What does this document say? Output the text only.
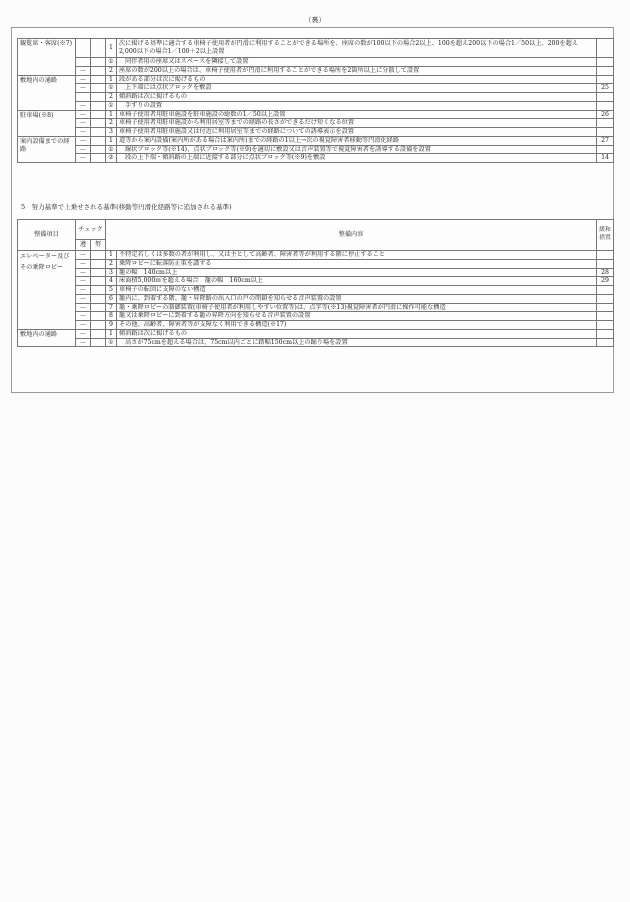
（裏）
観覧席・客席(※7)			1	次に掲げる基準に適合する車椅子使用者が円滑に利用することができる場所を、座席の数が100以下の場合2以上、100を超え200以下の場合1／50以上、200を超え2,000以下の場合1／100＋2以上設置	
			①	同伴者用の座席又はスペースを隣接して設置	
	—		2	座席の数が200以上の場合は、車椅子使用者が円滑に利用することができる場所を2箇所以上に分散して設置	
敷地内の通路	—		1	段がある部分は次に掲げるもの	
	—		①	上下端には点状ブロックを敷設	25
			2	傾斜路は次に掲げるもの	
	—		①	手すりの設置	
駐車場(※8)	—		1	車椅子使用者用駐車施設を駐車施設の総数の1／50以上設置	26
	—		2	車椅子使用者用駐車施設から利用居室等までの経路の長さができるだけ短くなる位置	
	—		3	車椅子使用者用駐車施設又は付近に利用居室等までの経路についての誘導表示を設置	
案内設備までの経路	—		1	道等から案内設備(案内所がある場合は案内所)までの経路の1以上→次の視覚障害者移動等円滑化経路	27
	—		①	線状ブロック等(※14)、点状ブロック等(※9)を適切に敷設又は音声装置等で視覚障害者を誘導する設備を設置	
	—		②	段の上下端・傾斜路の上端に近接する部分に点状ブロック等(※9)を敷設	14
5　努力基準で上乗せされる基準(移動等円滑化経路等に追加される基準)
整備項目	チェック		整備内容		緩和措置
	遵	努			
エレベーター及びその乗降ロビー	—		1	不特定若しくは多数の者が利用し、又は主として高齢者、障害者等が利用する階に停止すること	
	—		2	乗降ロビーに転落防止策を講ずる	
	—		3	籠の幅　140cm以上	28
	—		4	床面積5,000㎡を超える場合　籠の幅　160cm以上	29
	—		5	車椅子の転回に支障のない構造	
	—		6	籠内に、到着する階、籠・昇降路の出入口の戸の閉鎖を知らせる音声装置の設置	
	—		7	籠・乗降ロビーの制御装置(車椅子使用者が利用しやすい位置等)は、点字等(※13)視覚障害者が円滑に操作可能な構造	
	—		8	籠又は乗降ロビーに到着する籠の昇降方向を知らせる音声装置の設置	
	—		9	その他、高齢者、障害者等が支障なく利用できる構造(※17)	
敷地内の通路	—		1	傾斜路は次に掲げるもの	
	—		①	高さが75cmを超える場合は、75cm以内ごとに踏幅150cm以上の踊り場を設置	
